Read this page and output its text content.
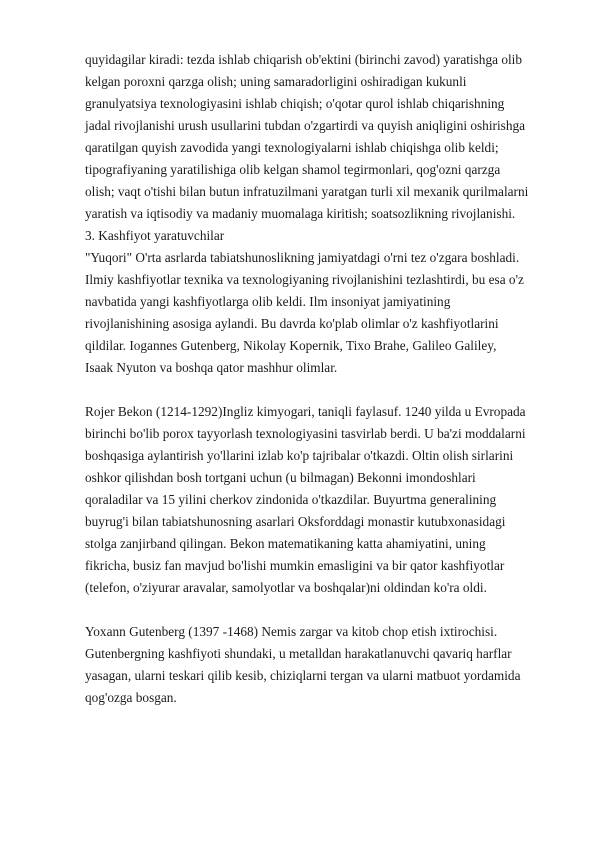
quyidagilar kiradi: tezda ishlab chiqarish ob'ektini (birinchi zavod) yaratishga olib
kelgan poroxni qarzga olish; uning samaradorligini oshiradigan kukunli
granulyatsiya texnologiyasini ishlab chiqish; o'qotar qurol ishlab chiqarishning
jadal rivojlanishi urush usullarini tubdan o'zgartirdi va quyish aniqligini oshirishga
qaratilgan quyish zavodida yangi texnologiyalarni ishlab chiqishga olib keldi;
tipografiyaning yaratilishiga olib kelgan shamol tegirmonlari, qog'ozni qarzga
olish; vaqt o'tishi bilan butun infratuzilmani yaratgan turli xil mexanik qurilmalarni
yaratish va iqtisodiy va madaniy muomalaga kiritish; soatsozlikning rivojlanishi.
3. Kashfiyot yaratuvchilar
"Yuqori" O'rta asrlarda tabiatshunoslikning jamiyatdagi o'rni tez o'zgara boshladi.
Ilmiy kashfiyotlar texnika va texnologiyaning rivojlanishini tezlashtirdi, bu esa o'z
navbatida yangi kashfiyotlarga olib keldi. Ilm insoniyat jamiyatining
rivojlanishining asosiga aylandi. Bu davrda ko'plab olimlar o'z kashfiyotlarini
qildilar. Iogannes Gutenberg, Nikolay Kopernik, Tixo Brahe, Galileo Galiley,
Isaak Nyuton va boshqa qator mashhur olimlar.
Rojer Bekon (1214-1292)Ingliz kimyogari, taniqli faylasuf. 1240 yilda u Evropada
birinchi bo'lib porox tayyorlash texnologiyasini tasvirlab berdi. U ba'zi moddalarni
boshqasiga aylantirish yo'llarini izlab ko'p tajribalar o'tkazdi. Oltin olish sirlarini
oshkor qilishdan bosh tortgani uchun (u bilmagan) Bekonni imondoshlari
qoraladilar va 15 yilini cherkov zindonida o'tkazdilar. Buyurtma generalining
buyrug'i bilan tabiatshunosning asarlari Oksforddagi monastir kutubxonasidagi
stolga zanjirband qilingan. Bekon matematikaning katta ahamiyatini, uning
fikricha, busiz fan mavjud bo'lishi mumkin emasligini va bir qator kashfiyotlar
(telefon, o'ziyurar aravalar, samolyotlar va boshqalar)ni oldindan ko'ra oldi.
Yoxann Gutenberg (1397 -1468) Nemis zargar va kitob chop etish ixtirochisi.
Gutenbergning kashfiyoti shundaki, u metalldan harakatlanuvchi qavariq harflar
yasagan, ularni teskari qilib kesib, chiziqlarni tergan va ularni matbuot yordamida
qog'ozga bosgan.
